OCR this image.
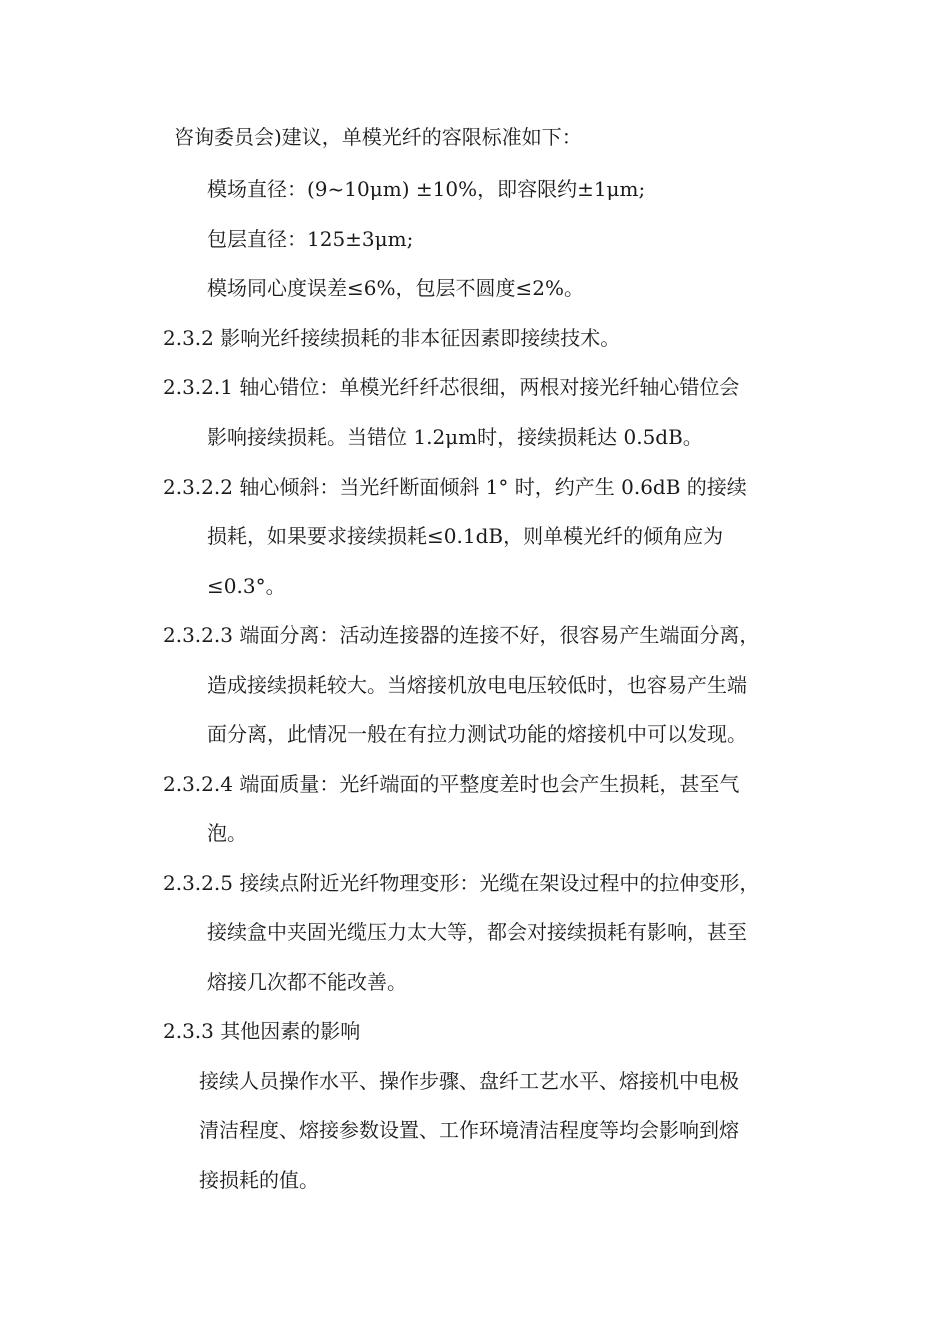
咨询委员会)建议，单模光纤的容限标准如下：
模场直径：(9~10μm) ±10%，即容限约±1μm;
包层直径：125±3μm;
模场同心度误差≤6%，包层不圆度≤2%。
2.3.2 影响光纤接续损耗的非本征因素即接续技术。
2.3.2.1 轴心错位：单模光纤纤芯很细，两根对接光纤轴心错位会
影响接续损耗。当错位 1.2μm时，接续损耗达 0.5dB。
2.3.2.2 轴心倾斜：当光纤断面倾斜 1° 时，约产生 0.6dB 的接续
损耗，如果要求接续损耗≤0.1dB，则单模光纤的倾角应为
≤0.3°。
2.3.2.3 端面分离：活动连接器的连接不好，很容易产生端面分离，
造成接续损耗较大。当熔接机放电电压较低时，也容易产生端
面分离，此情况一般在有拉力测试功能的熔接机中可以发现。
2.3.2.4 端面质量：光纤端面的平整度差时也会产生损耗，甚至气
泡。
2.3.2.5 接续点附近光纤物理变形：光缆在架设过程中的拉伸变形，
接续盒中夹固光缆压力太大等，都会对接续损耗有影响，甚至
熔接几次都不能改善。
2.3.3 其他因素的影响
接续人员操作水平、操作步骤、盘纤工艺水平、熔接机中电极
清洁程度、熔接参数设置、工作环境清洁程度等均会影响到熔
接损耗的值。
